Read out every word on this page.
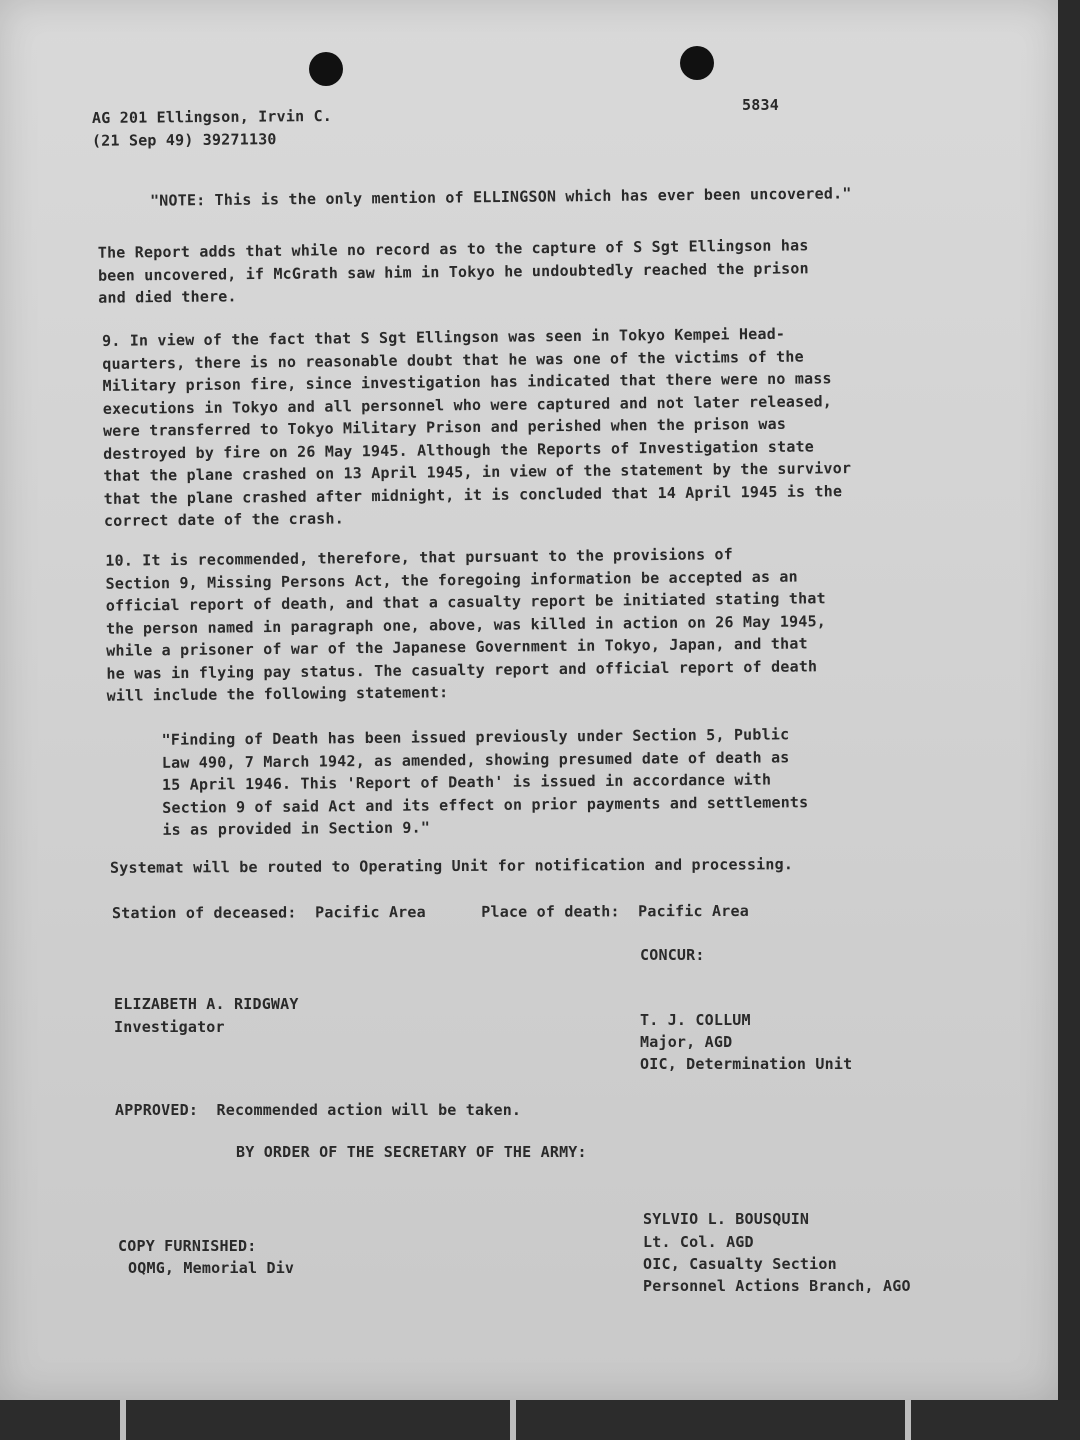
AG 201 Ellingson, Irvin C.
(21 Sep 49) 39271130
5834
"NOTE: This is the only mention of ELLINGSON which has ever been uncovered."
The Report adds that while no record as to the capture of S Sgt Ellingson has
been uncovered, if McGrath saw him in Tokyo he undoubtedly reached the prison
and died there.
9. In view of the fact that S Sgt Ellingson was seen in Tokyo Kempei Head-
quarters, there is no reasonable doubt that he was one of the victims of the
Military prison fire, since investigation has indicated that there were no mass
executions in Tokyo and all personnel who were captured and not later released,
were transferred to Tokyo Military Prison and perished when the prison was
destroyed by fire on 26 May 1945. Although the Reports of Investigation state
that the plane crashed on 13 April 1945, in view of the statement by the survivor
that the plane crashed after midnight, it is concluded that 14 April 1945 is the
correct date of the crash.
10. It is recommended, therefore, that pursuant to the provisions of
Section 9, Missing Persons Act, the foregoing information be accepted as an
official report of death, and that a casualty report be initiated stating that
the person named in paragraph one, above, was killed in action on 26 May 1945,
while a prisoner of war of the Japanese Government in Tokyo, Japan, and that
he was in flying pay status. The casualty report and official report of death
will include the following statement:
"Finding of Death has been issued previously under Section 5, Public
Law 490, 7 March 1942, as amended, showing presumed date of death as
15 April 1946. This 'Report of Death' is issued in accordance with
Section 9 of said Act and its effect on prior payments and settlements
is as provided in Section 9."
Systemat will be routed to Operating Unit for notification and processing.
Station of deceased:  Pacific Area      Place of death:  Pacific Area
CONCUR:
ELIZABETH A. RIDGWAY
Investigator	T. J. COLLUM
Major, AGD
OIC, Determination Unit
APPROVED:  Recommended action will be taken.
BY ORDER OF THE SECRETARY OF THE ARMY:
COPY FURNISHED:
OQMG, Memorial Div
SYLVIO L. BOUSQUIN
Lt. Col. AGD
OIC, Casualty Section
Personnel Actions Branch, AGO
